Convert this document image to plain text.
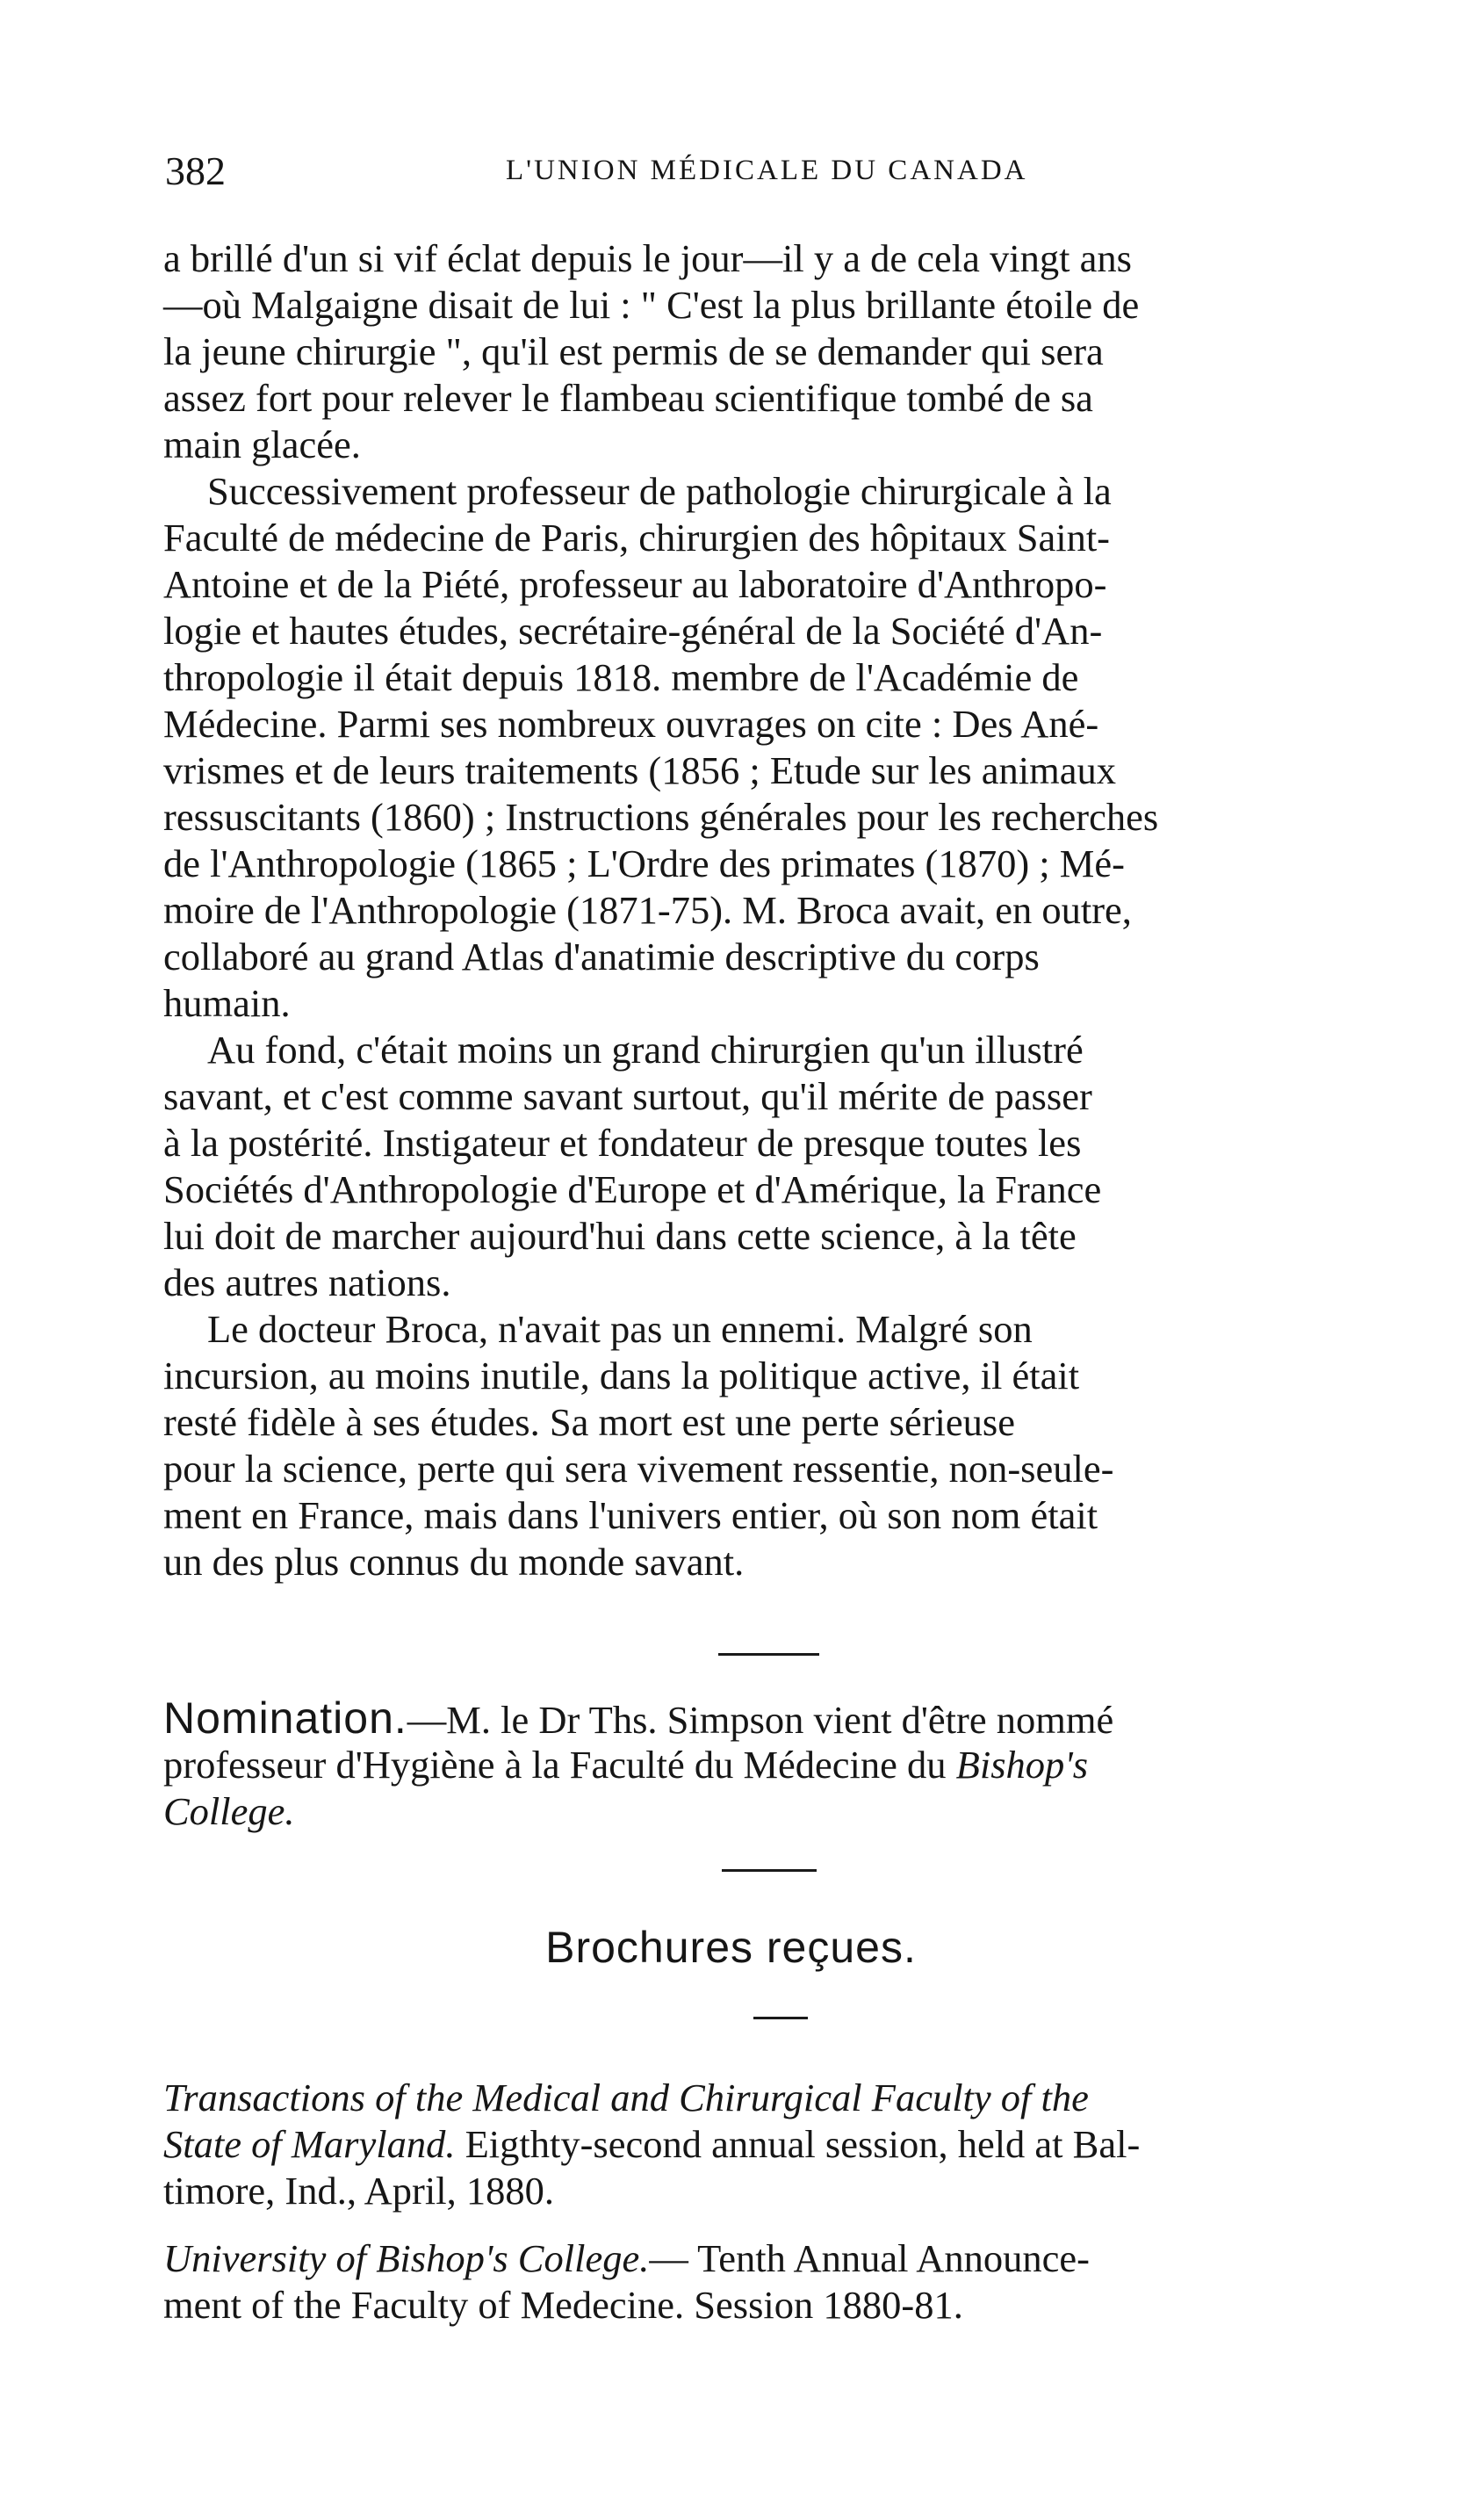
382	L'UNION MÉDICALE DU CANADA
a brillé d'un si vif éclat depuis le jour—il y a de cela vingt ans
—où Malgaigne disait de lui : " C'est la plus brillante étoile de
la jeune chirurgie ", qu'il est permis de se demander qui sera
assez fort pour relever le flambeau scientifique tombé de sa
main glacée.
Successivement professeur de pathologie chirurgicale à la
Faculté de médecine de Paris, chirurgien des hôpitaux Saint-
Antoine et de la Piété, professeur au laboratoire d'Anthropo-
logie et hautes études, secrétaire-général de la Société d'An-
thropologie il était depuis 1818. membre de l'Académie de
Médecine. Parmi ses nombreux ouvrages on cite : Des Ané-
vrismes et de leurs traitements (1856 ; Etude sur les animaux
ressuscitants (1860) ; Instructions générales pour les recherches
de l'Anthropologie (1865 ; L'Ordre des primates (1870) ; Mé-
moire de l'Anthropologie (1871-75). M. Broca avait, en outre,
collaboré au grand Atlas d'anatimie descriptive du corps
humain.
Au fond, c'était moins un grand chirurgien qu'un illustré
savant, et c'est comme savant surtout, qu'il mérite de passer
à la postérité. Instigateur et fondateur de presque toutes les
Sociétés d'Anthropologie d'Europe et d'Amérique, la France
lui doit de marcher aujourd'hui dans cette science, à la tête
des autres nations.
Le docteur Broca, n'avait pas un ennemi. Malgré son
incursion, au moins inutile, dans la politique active, il était
resté fidèle à ses études. Sa mort est une perte sérieuse
pour la science, perte qui sera vivement ressentie, non-seule-
ment en France, mais dans l'univers entier, où son nom était
un des plus connus du monde savant.
Nomination.—M. le Dr Ths. Simpson vient d'être nommé
professeur d'Hygiène à la Faculté du Médecine du Bishop's
College.
Brochures reçues.
Transactions of the Medical and Chirurgical Faculty of the
State of Maryland. Eigthty-second annual session, held at Bal-
timore, Ind., April, 1880.
University of Bishop's College.— Tenth Annual Announce-
ment of the Faculty of Medecine. Session 1880-81.
